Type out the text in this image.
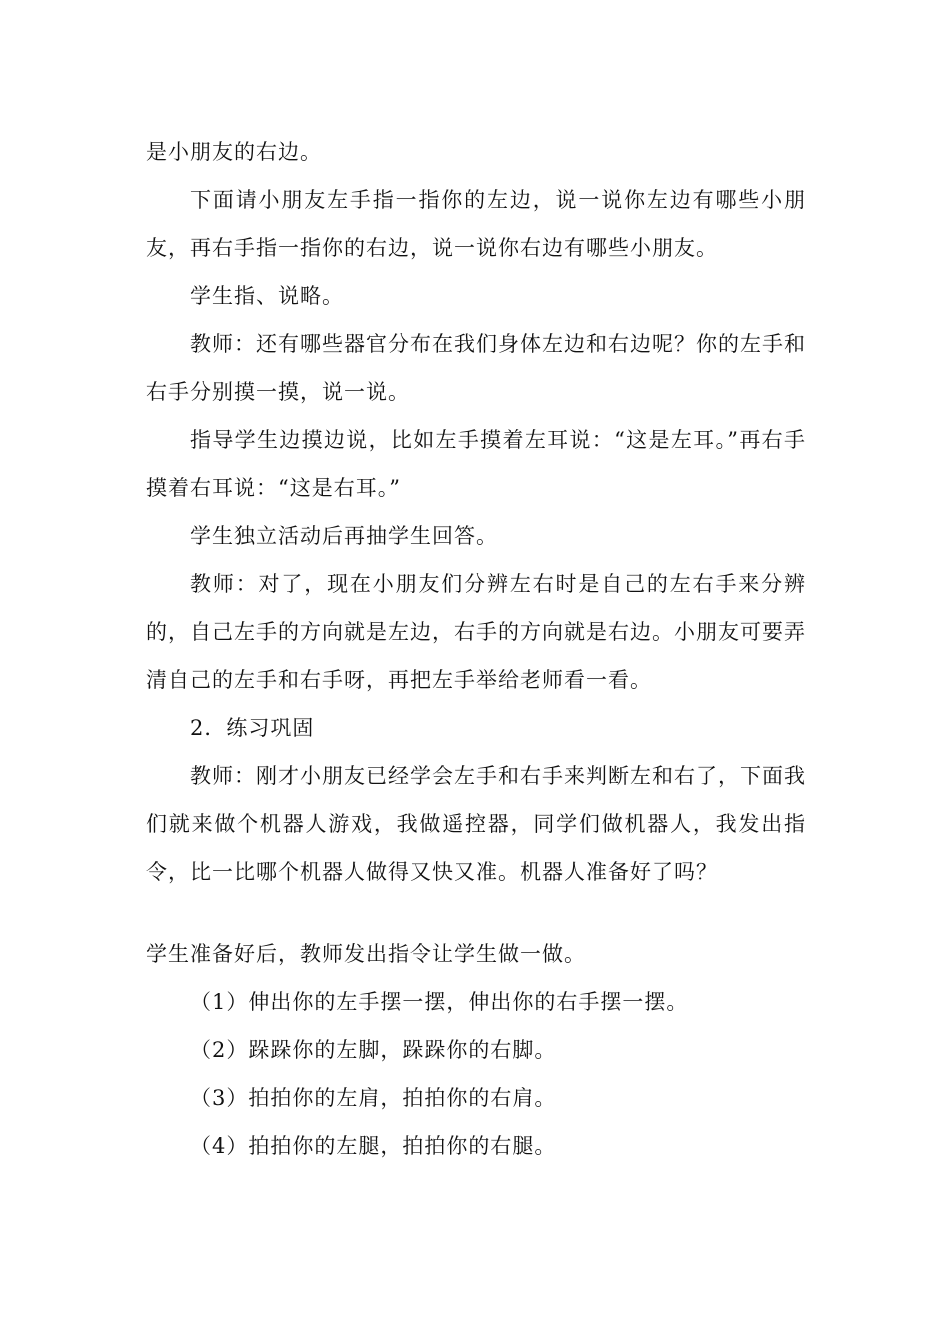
是小朋友的右边。

下面请小朋友左手指一指你的左边，说一说你左边有哪些小朋友，再右手指一指你的右边，说一说你右边有哪些小朋友。

学生指、说略。

教师：还有哪些器官分布在我们身体左边和右边呢？你的左手和右手分别摸一摸，说一说。

指导学生边摸边说，比如左手摸着左耳说：“这是左耳。”再右手摸着右耳说：“这是右耳。”

学生独立活动后再抽学生回答。

教师：对了，现在小朋友们分辨左右时是自己的左右手来分辨的，自己左手的方向就是左边，右手的方向就是右边。小朋友可要弄清自己的左手和右手呀，再把左手举给老师看一看。

2．练习巩固

教师：刚才小朋友已经学会左手和右手来判断左和右了，下面我们就来做个机器人游戏，我做遥控器，同学们做机器人，我发出指令，比一比哪个机器人做得又快又准。机器人准备好了吗？

学生准备好后，教师发出指令让学生做一做。

（1）伸出你的左手摆一摆，伸出你的右手摆一摆。

（2）跺跺你的左脚，跺跺你的右脚。

（3）拍拍你的左肩，拍拍你的右肩。

（4）拍拍你的左腿，拍拍你的右腿。
